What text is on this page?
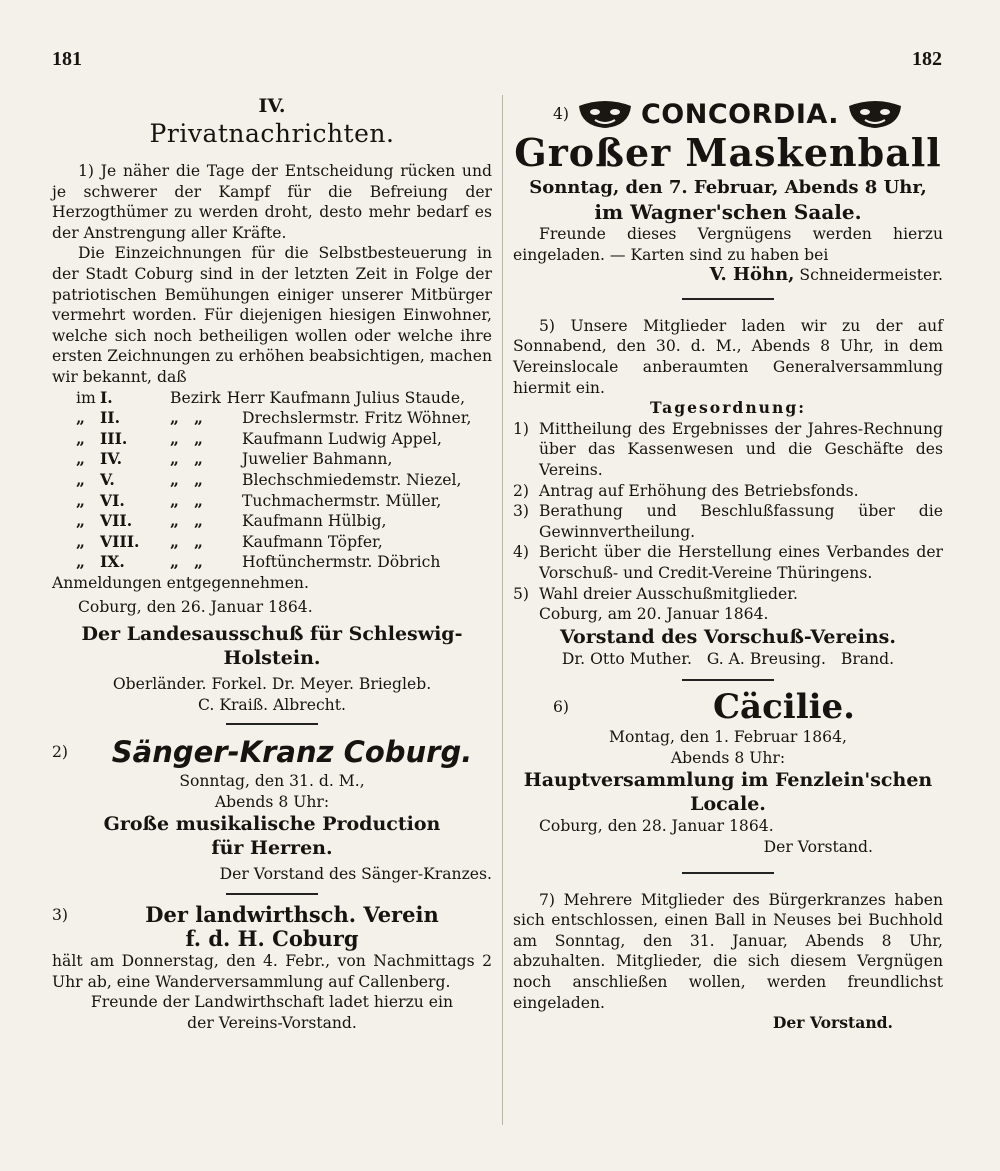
181	182
IV.
Privatnachrichten.

1) Je näher die Tage der Entscheidung rücken und je schwerer der Kampf für die Befreiung der Herzogthümer zu werden droht, desto mehr bedarf es der Anstrengung aller Kräfte.

Die Einzeichnungen für die Selbstbesteuerung in der Stadt Coburg sind in der letzten Zeit in Folge der patriotischen Bemühungen einiger unserer Mitbürger vermehrt worden. Für diejenigen hiesigen Einwohner, welche sich noch betheiligen wollen oder welche ihre ersten Zeichnungen zu erhöhen beabsichtigen, machen wir bekannt, daß

im I.	Bezirk Herr Kaufmann Julius Staude,
„ II.	„ „	Drechslermstr. Fritz Wöhner,
„ III.	„ „	Kaufmann Ludwig Appel,
„ IV.	„ „	Juwelier Bahmann,
„ V.	„ „	Blechschmiedemstr. Niezel,
„ VI.	„ „	Tuchmachermstr. Müller,
„ VII.	„ „	Kaufmann Hülbig,
„ VIII.	„ „	Kaufmann Töpfer,
„ IX.	„ „	Hoftünchermstr. Döbrich

Anmeldungen entgegennehmen.

Coburg, den 26. Januar 1864.

Der Landesausschuß für Schleswig-Holstein.

Oberländer. Forkel. Dr. Meyer. Briegleb.

C. Kraiß. Albrecht.

2)	Sänger-Kranz Coburg.

Sonntag, den 31. d. M.,

Abends 8 Uhr:

Große musikalische Production für Herren.

Der Vorstand des Sänger-Kranzes.

3)	Der landwirthsch. Verein

f. d. H. Coburg

hält am Donnerstag, den 4. Febr., von Nachmittags 2 Uhr ab, eine Wanderversammlung auf Callenberg.

Freunde der Landwirthschaft ladet hierzu ein

der Vereins-Vorstand.

4)	CONCORDIA.
Großer Maskenball

Sonntag, den 7. Februar, Abends 8 Uhr,

im Wagner'schen Saale.

Freunde dieses Vergnügens werden hierzu eingeladen. — Karten sind zu haben bei

V. Höhn, Schneidermeister.

5) Unsere Mitglieder laden wir zu der auf Sonnabend, den 30. d. M., Abends 8 Uhr, in dem Vereinslocale anberaumten Generalversammlung hiermit ein.

Tagesordnung:

1) Mittheilung des Ergebnisses der Jahres-Rechnung über das Kassenwesen und die Geschäfte des Vereins.
2) Antrag auf Erhöhung des Betriebsfonds.
3) Berathung und Beschlußfassung über die Gewinnvertheilung.
4) Bericht über die Herstellung eines Verbandes der Vorschuß- und Credit-Vereine Thüringens.
5) Wahl dreier Ausschußmitglieder.

Coburg, am 20. Januar 1864.

Vorstand des Vorschuß-Vereins.

Dr. Otto Muther.   G. A. Breusing.   Brand.

6)	Cäcilie.

Montag, den 1. Februar 1864,

Abends 8 Uhr:

Hauptversammlung im Fenzlein'schen Locale.

Coburg, den 28. Januar 1864.

Der Vorstand.

7) Mehrere Mitglieder des Bürgerkranzes haben sich entschlossen, einen Ball in Neuses bei Buchhold am Sonntag, den 31. Januar, Abends 8 Uhr, abzuhalten. Mitglieder, die sich diesem Vergnügen noch anschließen wollen, werden freundlichst eingeladen.

Der Vorstand.
